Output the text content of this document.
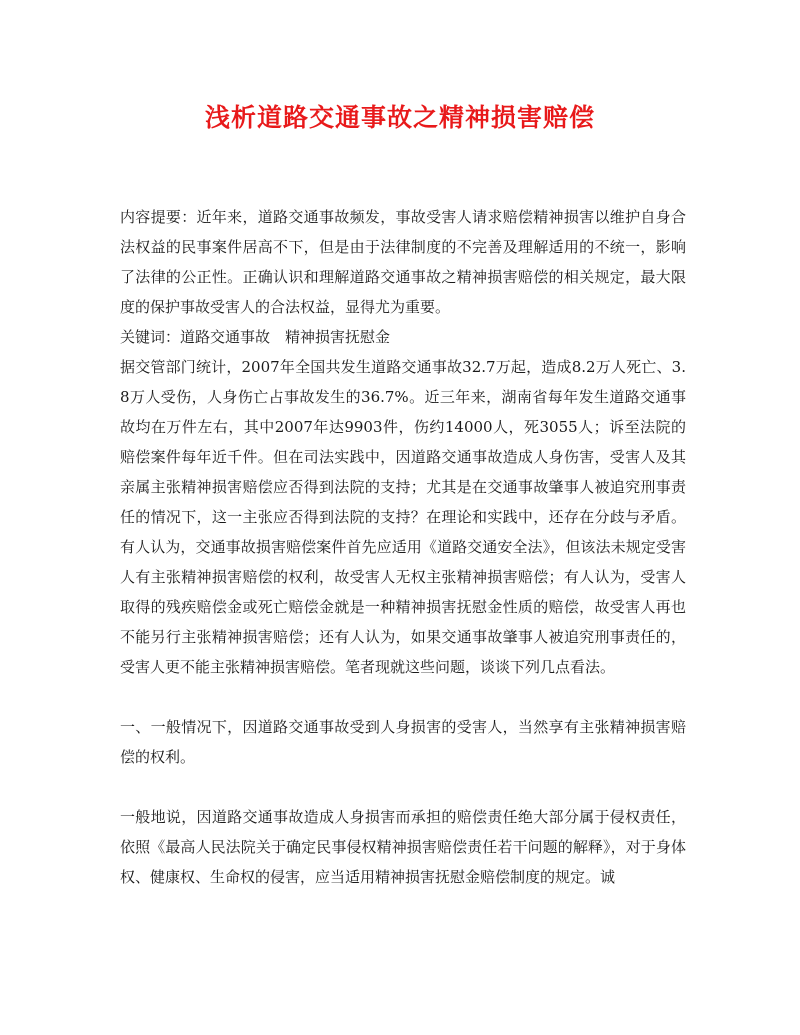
浅析道路交通事故之精神损害赔偿

内容提要：近年来，道路交通事故频发，事故受害人请求赔偿精神损害以维护自身合法权益的民事案件居高不下，但是由于法律制度的不完善及理解适用的不统一，影响了法律的公正性。正确认识和理解道路交通事故之精神损害赔偿的相关规定，最大限度的保护事故受害人的合法权益，显得尤为重要。

关键词：道路交通事故　精神损害抚慰金

据交管部门统计，2007年全国共发生道路交通事故32.7万起，造成8.2万人死亡、3.8万人受伤，人身伤亡占事故发生的36.7%。近三年来，湖南省每年发生道路交通事故均在万件左右，其中2007年达9903件，伤约14000人，死3055人；诉至法院的赔偿案件每年近千件。但在司法实践中，因道路交通事故造成人身伤害，受害人及其亲属主张精神损害赔偿应否得到法院的支持；尤其是在交通事故肇事人被追究刑事责任的情况下，这一主张应否得到法院的支持？在理论和实践中，还存在分歧与矛盾。有人认为，交通事故损害赔偿案件首先应适用《道路交通安全法》，但该法未规定受害人有主张精神损害赔偿的权利，故受害人无权主张精神损害赔偿；有人认为，受害人取得的残疾赔偿金或死亡赔偿金就是一种精神损害抚慰金性质的赔偿，故受害人再也不能另行主张精神损害赔偿；还有人认为，如果交通事故肇事人被追究刑事责任的，受害人更不能主张精神损害赔偿。笔者现就这些问题，谈谈下列几点看法。

一、一般情况下，因道路交通事故受到人身损害的受害人，当然享有主张精神损害赔偿的权利。

一般地说，因道路交通事故造成人身损害而承担的赔偿责任绝大部分属于侵权责任，依照《最高人民法院关于确定民事侵权精神损害赔偿责任若干问题的解释》，对于身体权、健康权、生命权的侵害，应当适用精神损害抚慰金赔偿制度的规定。诚
